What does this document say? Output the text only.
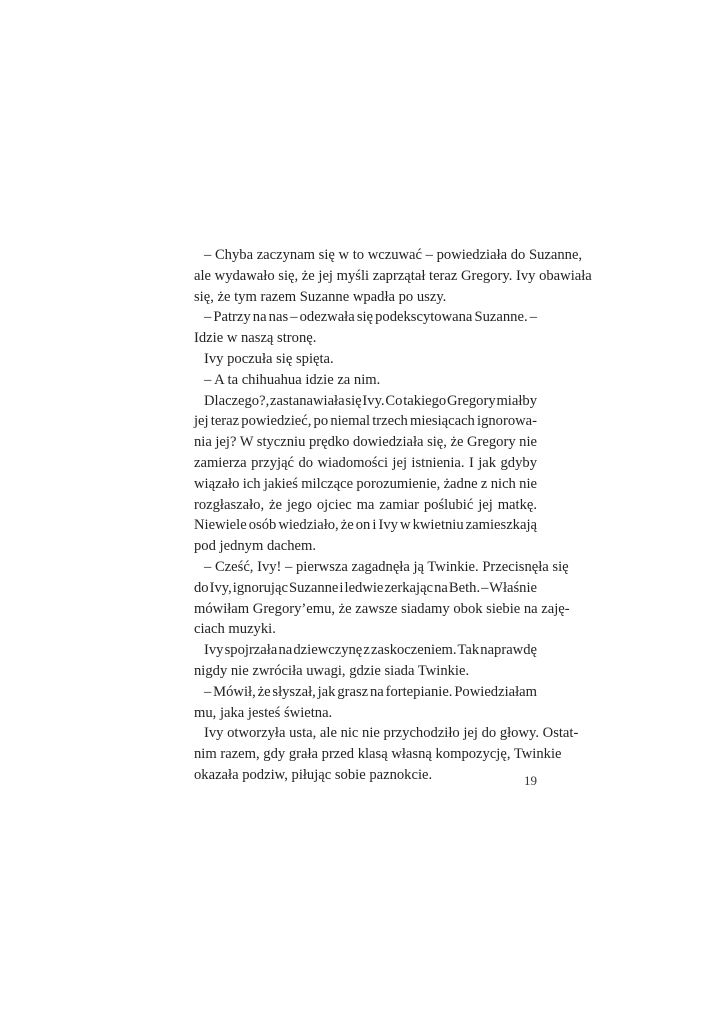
– Chyba zaczynam się w to wczuwać – powiedziała do Suzanne,
ale wydawało się, że jej myśli zaprzątał teraz Gregory. Ivy obawiała
się, że tym razem Suzanne wpadła po uszy.
– Patrzy na nas – odezwała się podekscytowana Suzanne. –
Idzie w naszą stronę.
Ivy poczuła się spięta.
– A ta chihuahua idzie za nim.
Dlaczego?, zastanawiała się Ivy. Co takiego Gregory miałby
jej teraz powiedzieć, po niemal trzech miesiącach ignorowa-
nia jej? W styczniu prędko dowiedziała się, że Gregory nie
zamierza przyjąć do wiadomości jej istnienia. I jak gdyby
wiązało ich jakieś milczące porozumienie, żadne z nich nie
rozgłaszało, że jego ojciec ma zamiar poślubić jej matkę.
Niewiele osób wiedziało, że on i Ivy w kwietniu zamieszkają
pod jednym dachem.
– Cześć, Ivy! – pierwsza zagadnęła ją Twinkie. Przecisnęła się
do Ivy, ignorując Suzanne i ledwie zerkając na Beth. – Właśnie
mówiłam Gregory’emu, że zawsze siadamy obok siebie na zaję-
ciach muzyki.
Ivy spojrzała na dziewczynę z zaskoczeniem. Tak naprawdę
nigdy nie zwróciła uwagi, gdzie siada Twinkie.
– Mówił, że słyszał, jak grasz na fortepianie. Powiedziałam
mu, jaka jesteś świetna.
Ivy otworzyła usta, ale nic nie przychodziło jej do głowy. Ostat-
nim razem, gdy grała przed klasą własną kompozycję, Twinkie
okazała podziw, piłując sobie paznokcie.	19
